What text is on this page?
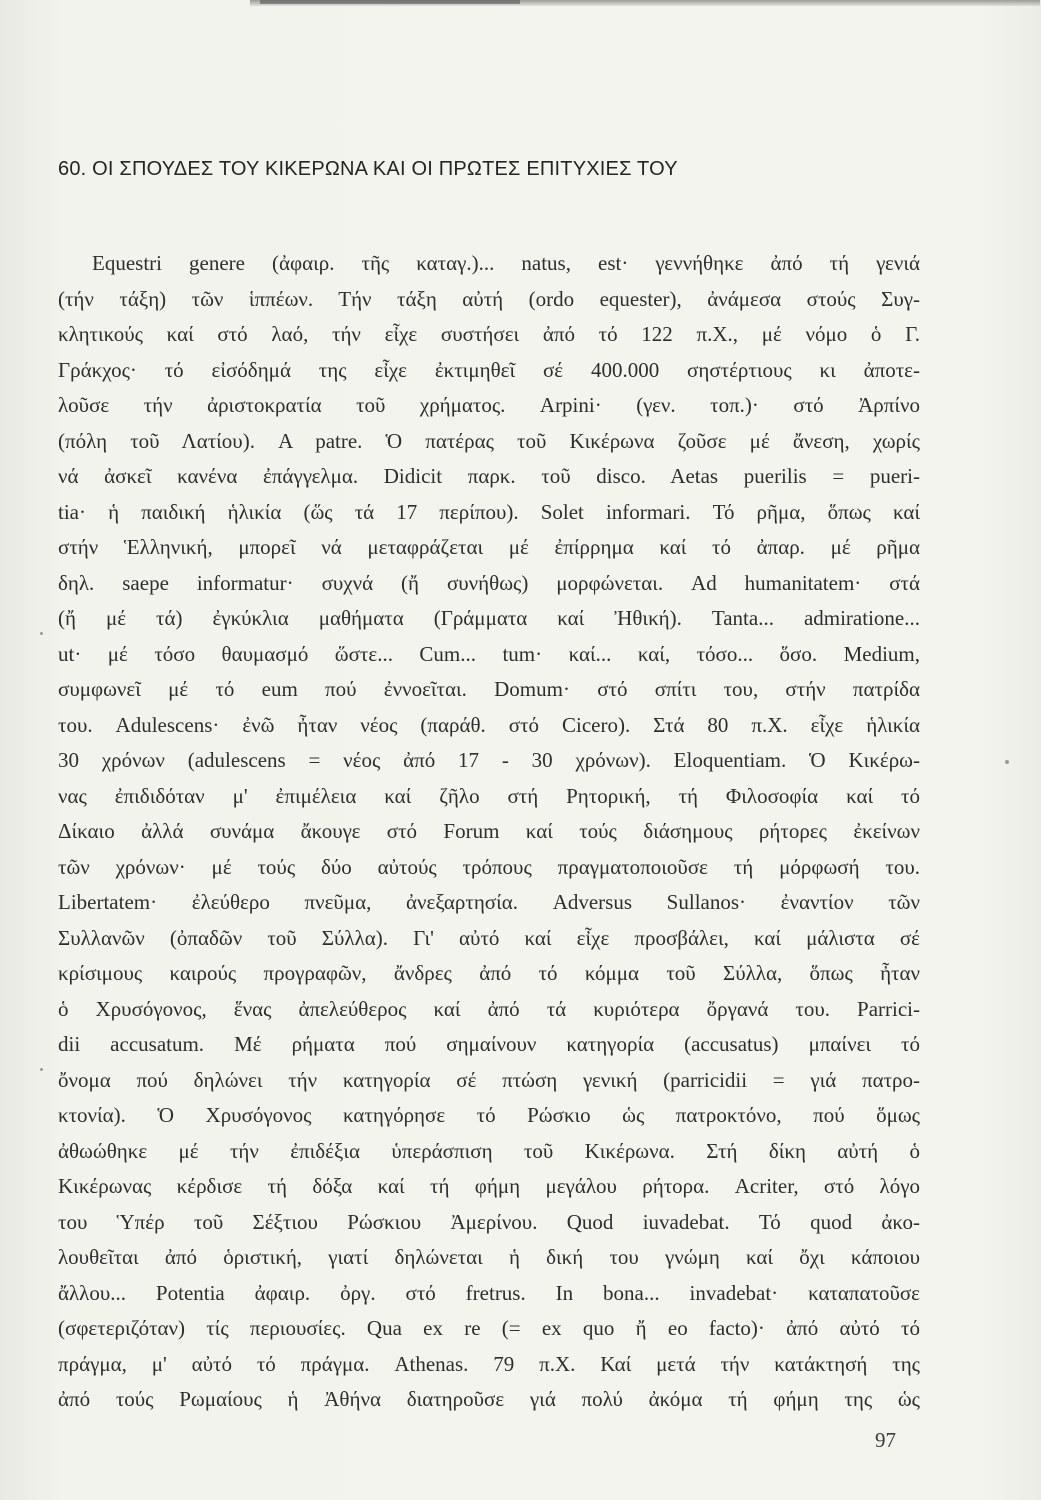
60. ΟΙ ΣΠΟΥΔΕΣ ΤΟΥ ΚΙΚΕΡΩΝΑ ΚΑΙ ΟΙ ΠΡΩΤΕΣ ΕΠΙΤΥΧΙΕΣ ΤΟΥ
Equestri genere (ἀφαιρ. τῆς καταγ.)... natus, est· γεννήθηκε ἀπό τή γενιά
(τήν τάξη) τῶν ἱππέων. Τήν τάξη αὐτή (ordo equester), ἀνάμεσα στούς Συγ-
κλητικούς καί στό λαό, τήν εἶχε συστήσει ἀπό τό 122 π.Χ., μέ νόμο ὁ Γ.
Γράκχος· τό εἰσόδημά της εἶχε ἐκτιμηθεῖ σέ 400.000 σηστέρτιους κι ἀποτε-
λοῦσε τήν ἀριστοκρατία τοῦ χρήματος. Arpini· (γεν. τοπ.)· στό Ἀρπίνο
(πόλη τοῦ Λατίου). A patre. Ὁ πατέρας τοῦ Κικέρωνα ζοῦσε μέ ἄνεση, χωρίς
νά ἀσκεῖ κανένα ἐπάγγελμα. Didicit παρκ. τοῦ disco. Aetas puerilis = pueri-
tia· ἡ παιδική ἡλικία (ὥς τά 17 περίπου). Solet informari. Τό ρῆμα, ὅπως καί
στήν Ἑλληνική, μπορεῖ νά μεταφράζεται μέ ἐπίρρημα καί τό ἀπαρ. μέ ρῆμα
δηλ. saepe informatur· συχνά (ἤ συνήθως) μορφώνεται. Ad humanitatem· στά
(ἤ μέ τά) ἐγκύκλια μαθήματα (Γράμματα καί Ἠθική). Tanta... admiratione...
ut· μέ τόσο θαυμασμό ὥστε... Cum... tum· καί... καί, τόσο... ὅσο. Medium,
συμφωνεῖ μέ τό eum πού ἐννοεῖται. Domum· στό σπίτι του, στήν πατρίδα
του. Adulescens· ἐνῶ ἦταν νέος (παράθ. στό Cicero). Στά 80 π.Χ. εἶχε ἡλικία
30 χρόνων (adulescens = νέος ἀπό 17 - 30 χρόνων). Eloquentiam. Ὁ Κικέρω-
νας ἐπιδιδόταν μ' ἐπιμέλεια καί ζῆλο στή Ρητορική, τή Φιλοσοφία καί τό
Δίκαιο ἀλλά συνάμα ἄκουγε στό Forum καί τούς διάσημους ρήτορες ἐκείνων
τῶν χρόνων· μέ τούς δύο αὐτούς τρόπους πραγματοποιοῦσε τή μόρφωσή του.
Libertatem· ἐλεύθερο πνεῦμα, ἀνεξαρτησία. Adversus Sullanos· ἐναντίον τῶν
Συλλανῶν (ὀπαδῶν τοῦ Σύλλα). Γι' αὐτό καί εἶχε προσβάλει, καί μάλιστα σέ
κρίσιμους καιρούς προγραφῶν, ἄνδρες ἀπό τό κόμμα τοῦ Σύλλα, ὅπως ἦταν
ὁ Χρυσόγονος, ἕνας ἀπελεύθερος καί ἀπό τά κυριότερα ὄργανά του. Parrici-
dii accusatum. Μέ ρήματα πού σημαίνουν κατηγορία (accusatus) μπαίνει τό
ὄνομα πού δηλώνει τήν κατηγορία σέ πτώση γενική (parricidii = γιά πατρο-
κτονία). Ὁ Χρυσόγονος κατηγόρησε τό Ρώσκιο ὡς πατροκτόνο, πού ὅμως
ἀθωώθηκε μέ τήν ἐπιδέξια ὑπεράσπιση τοῦ Κικέρωνα. Στή δίκη αὐτή ὁ
Κικέρωνας κέρδισε τή δόξα καί τή φήμη μεγάλου ρήτορα. Acriter, στό λόγο
του Ὑπέρ τοῦ Σέξτιου Ρώσκιου Ἀμερίνου. Quod iuvadebat. Τό quod ἀκο-
λουθεῖται ἀπό ὁριστική, γιατί δηλώνεται ἡ δική του γνώμη καί ὄχι κάποιου
ἄλλου... Potentia ἀφαιρ. ὀργ. στό fretrus. In bona... invadebat· καταπατοῦσε
(σφετεριζόταν) τίς περιουσίες. Qua ex re (= ex quo ἤ eo facto)· ἀπό αὐτό τό
πράγμα, μ' αὐτό τό πράγμα. Athenas. 79 π.Χ. Καί μετά τήν κατάκτησή της
ἀπό τούς Ρωμαίους ἡ Ἀθήνα διατηροῦσε γιά πολύ ἀκόμα τή φήμη της ὡς
97
